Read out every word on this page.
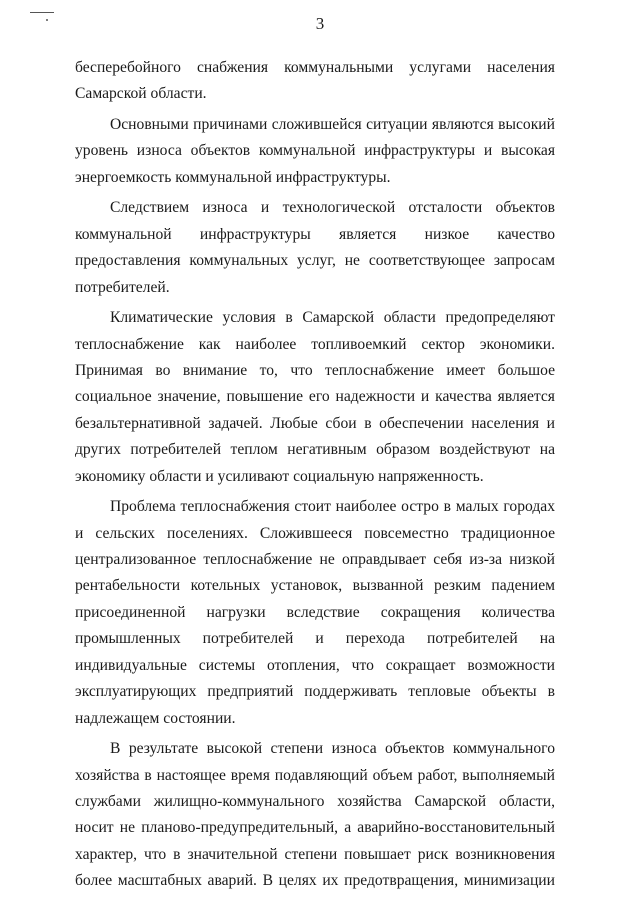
3

бесперебойного снабжения коммунальными услугами населения Самарской области.

Основными причинами сложившейся ситуации являются высокий уровень износа объектов коммунальной инфраструктуры и высокая энергоемкость коммунальной инфраструктуры.

Следствием износа и технологической отсталости объектов коммунальной инфраструктуры является низкое качество предоставления коммунальных услуг, не соответствующее запросам потребителей.

Климатические условия в Самарской области предопределяют теплоснабжение как наиболее топливоемкий сектор экономики. Принимая во внимание то, что теплоснабжение имеет большое социальное значение, повышение его надежности и качества является безальтернативной задачей. Любые сбои в обеспечении населения и других потребителей теплом негативным образом воздействуют на экономику области и усиливают социальную напряженность.

Проблема теплоснабжения стоит наиболее остро в малых городах и сельских поселениях. Сложившееся повсеместно традиционное централизованное теплоснабжение не оправдывает себя из-за низкой рентабельности котельных установок, вызванной резким падением присоединенной нагрузки вследствие сокращения количества промышленных потребителей и перехода потребителей на индивидуальные системы отопления, что сокращает возможности эксплуатирующих предприятий поддерживать тепловые объекты в надлежащем состоянии.

В результате высокой степени износа объектов коммунального хозяйства в настоящее время подавляющий объем работ, выполняемый службами жилищно-коммунального хозяйства Самарской области, носит не планово-предупредительный, а аварийно-восстановительный характер, что в значительной степени повышает риск возникновения более масштабных аварий. В целях их предотвращения, минимизации
